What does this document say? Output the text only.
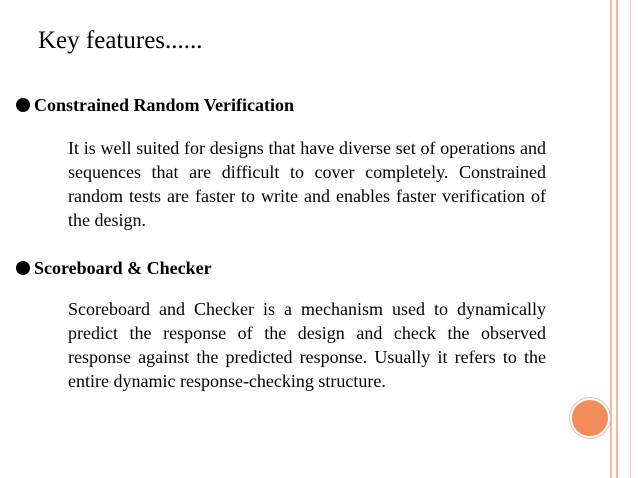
Key features......
Constrained Random Verification
It is well suited for designs that have diverse set of operations and sequences that are difficult to cover completely. Constrained random tests are faster to write and enables faster verification of the design.
Scoreboard & Checker
Scoreboard and Checker is a mechanism used to dynamically predict the response of the design and check the observed response against the predicted response. Usually it refers to the entire dynamic response-checking structure.
